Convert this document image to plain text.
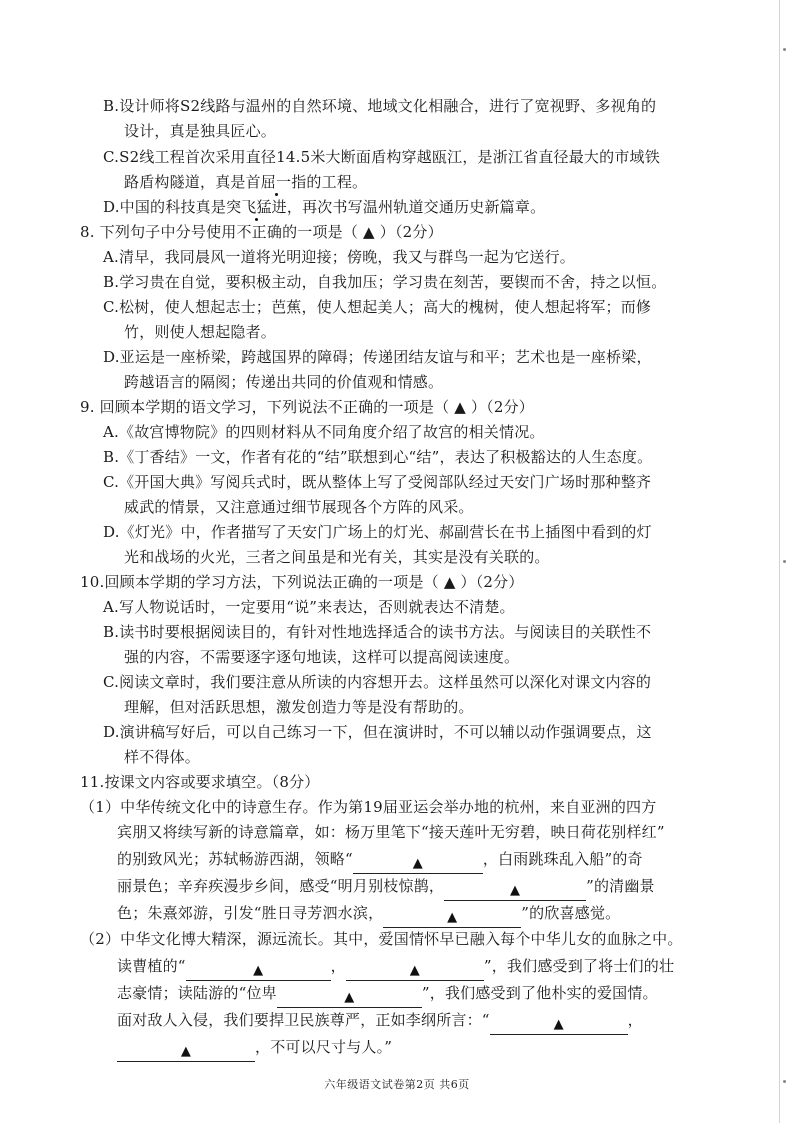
B.设计师将S2线路与温州的自然环境、地域文化相融合，进行了宽视野、多视角的
设计，真是独具匠心。
C.S2线工程首次采用直径14.5米大断面盾构穿越瓯江，是浙江省直径最大的市域铁
路盾构隧道，真是首屈一指的工程。
D.中国的科技真是突飞猛进，再次书写温州轨道交通历史新篇章。
8. 下列句子中分号使用不正确的一项是（ ▲ ）（2分）
A.清早，我同晨风一道将光明迎接；傍晚，我又与群鸟一起为它送行。
B.学习贵在自觉，要积极主动，自我加压；学习贵在刻苦，要锲而不舍，持之以恒。
C.松树，使人想起志士；芭蕉，使人想起美人；高大的槐树，使人想起将军；而修
竹，则使人想起隐者。
D.亚运是一座桥梁，跨越国界的障碍；传递团结友谊与和平；艺术也是一座桥梁，
跨越语言的隔阂；传递出共同的价值观和情感。
9. 回顾本学期的语文学习，下列说法不正确的一项是（ ▲ ）（2分）
A.《故宫博物院》的四则材料从不同角度介绍了故宫的相关情况。
B.《丁香结》一文，作者有花的“结”联想到心“结”，表达了积极豁达的人生态度。
C.《开国大典》写阅兵式时，既从整体上写了受阅部队经过天安门广场时那种整齐
威武的情景，又注意通过细节展现各个方阵的风采。
D.《灯光》中，作者描写了天安门广场上的灯光、郝副营长在书上插图中看到的灯
光和战场的火光，三者之间虽是和光有关，其实是没有关联的。
10.回顾本学期的学习方法，下列说法正确的一项是（ ▲ ）（2分）
A.写人物说话时，一定要用“说”来表达，否则就表达不清楚。
B.读书时要根据阅读目的，有针对性地选择适合的读书方法。与阅读目的关联性不
强的内容，不需要逐字逐句地读，这样可以提高阅读速度。
C.阅读文章时，我们要注意从所读的内容想开去。这样虽然可以深化对课文内容的
理解，但对活跃思想，激发创造力等是没有帮助的。
D.演讲稿写好后，可以自己练习一下，但在演讲时，不可以辅以动作强调要点，这
样不得体。
11.按课文内容或要求填空。（8分）
（1）中华传统文化中的诗意生存。作为第19届亚运会举办地的杭州，来自亚洲的四方
宾朋又将续写新的诗意篇章，如：杨万里笔下“接天莲叶无穷碧，映日荷花别样红”
的别致风光；苏轼畅游西湖，领略“	▲	，白雨跳珠乱入船”的奇
丽景色；辛弃疾漫步乡间，感受“明月别枝惊鹊，	▲	”的清幽景
色；朱熹郊游，引发“胜日寻芳泗水滨，	▲	”的欣喜感觉。
（2）中华文化博大精深，源远流长。其中，爱国情怀早已融入每个中华儿女的血脉之中。
读曹植的“	▲	，	▲	”，我们感受到了将士们的壮
志豪情；读陆游的“位卑	▲	”，我们感受到了他朴实的爱国情。
面对敌人入侵，我们要捍卫民族尊严，正如李纲所言：“	▲	，
▲	，不可以尺寸与人。”
六年级语文试卷第2页 共6页
